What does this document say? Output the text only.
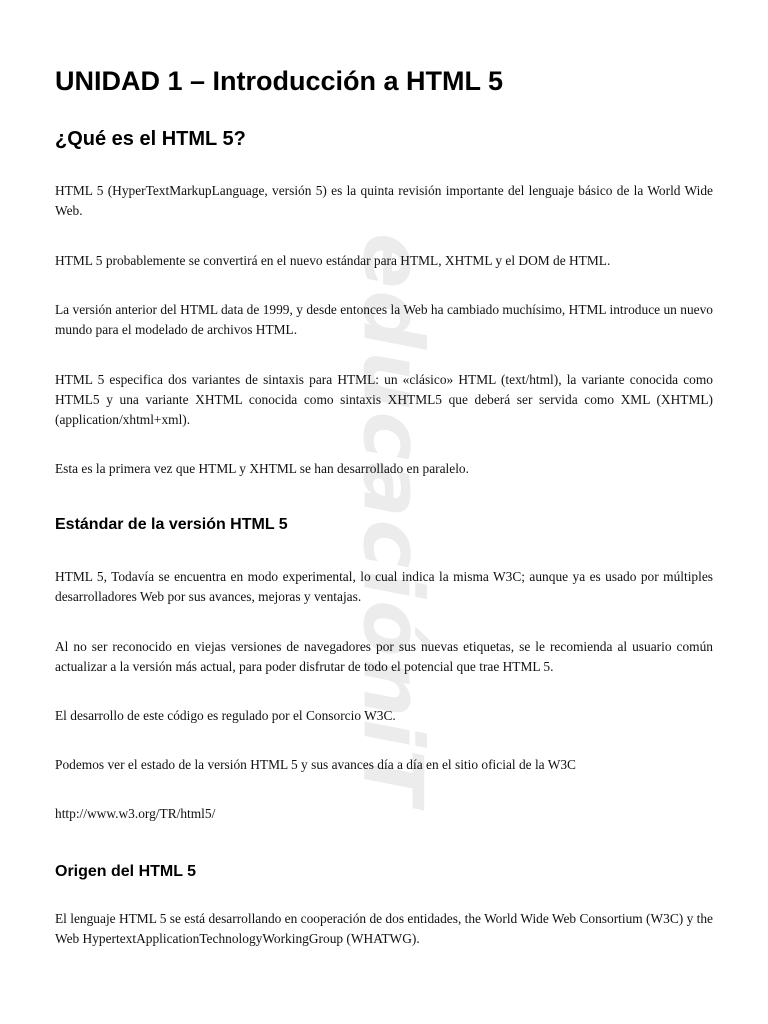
educacióniT
UNIDAD 1 – Introducción a HTML 5
¿Qué es el HTML 5?

HTML 5 (HyperTextMarkupLanguage, versión 5) es la quinta revisión importante del lenguaje básico de la World Wide Web.

HTML 5 probablemente se convertirá en el nuevo estándar para HTML, XHTML y el DOM de HTML.

La versión anterior del HTML data de 1999, y desde entonces la Web ha cambiado muchísimo, HTML introduce un nuevo mundo para el modelado de archivos HTML.

HTML 5 especifica dos variantes de sintaxis para HTML: un «clásico» HTML (text/html), la variante conocida como HTML5 y una variante XHTML conocida como sintaxis XHTML5 que deberá ser servida como XML (XHTML) (application/xhtml+xml).

Esta es la primera vez que HTML y XHTML se han desarrollado en paralelo.

Estándar de la versión HTML 5

HTML 5, Todavía se encuentra en modo experimental, lo cual indica la misma W3C; aunque ya es usado por múltiples desarrolladores Web por sus avances, mejoras y ventajas.

Al no ser reconocido en viejas versiones de navegadores por sus nuevas etiquetas, se le recomienda al usuario común actualizar a la versión más actual, para poder disfrutar de todo el potencial que trae HTML 5.

El desarrollo de este código es regulado por el Consorcio W3C.

Podemos ver el estado de la versión HTML 5 y sus avances día a día en el sitio oficial de la W3C

http://www.w3.org/TR/html5/

Origen del HTML 5

El lenguaje HTML 5 se está desarrollando en cooperación de dos entidades, the World Wide Web Consortium (W3C) y the Web HypertextApplicationTechnologyWorkingGroup (WHATWG).
